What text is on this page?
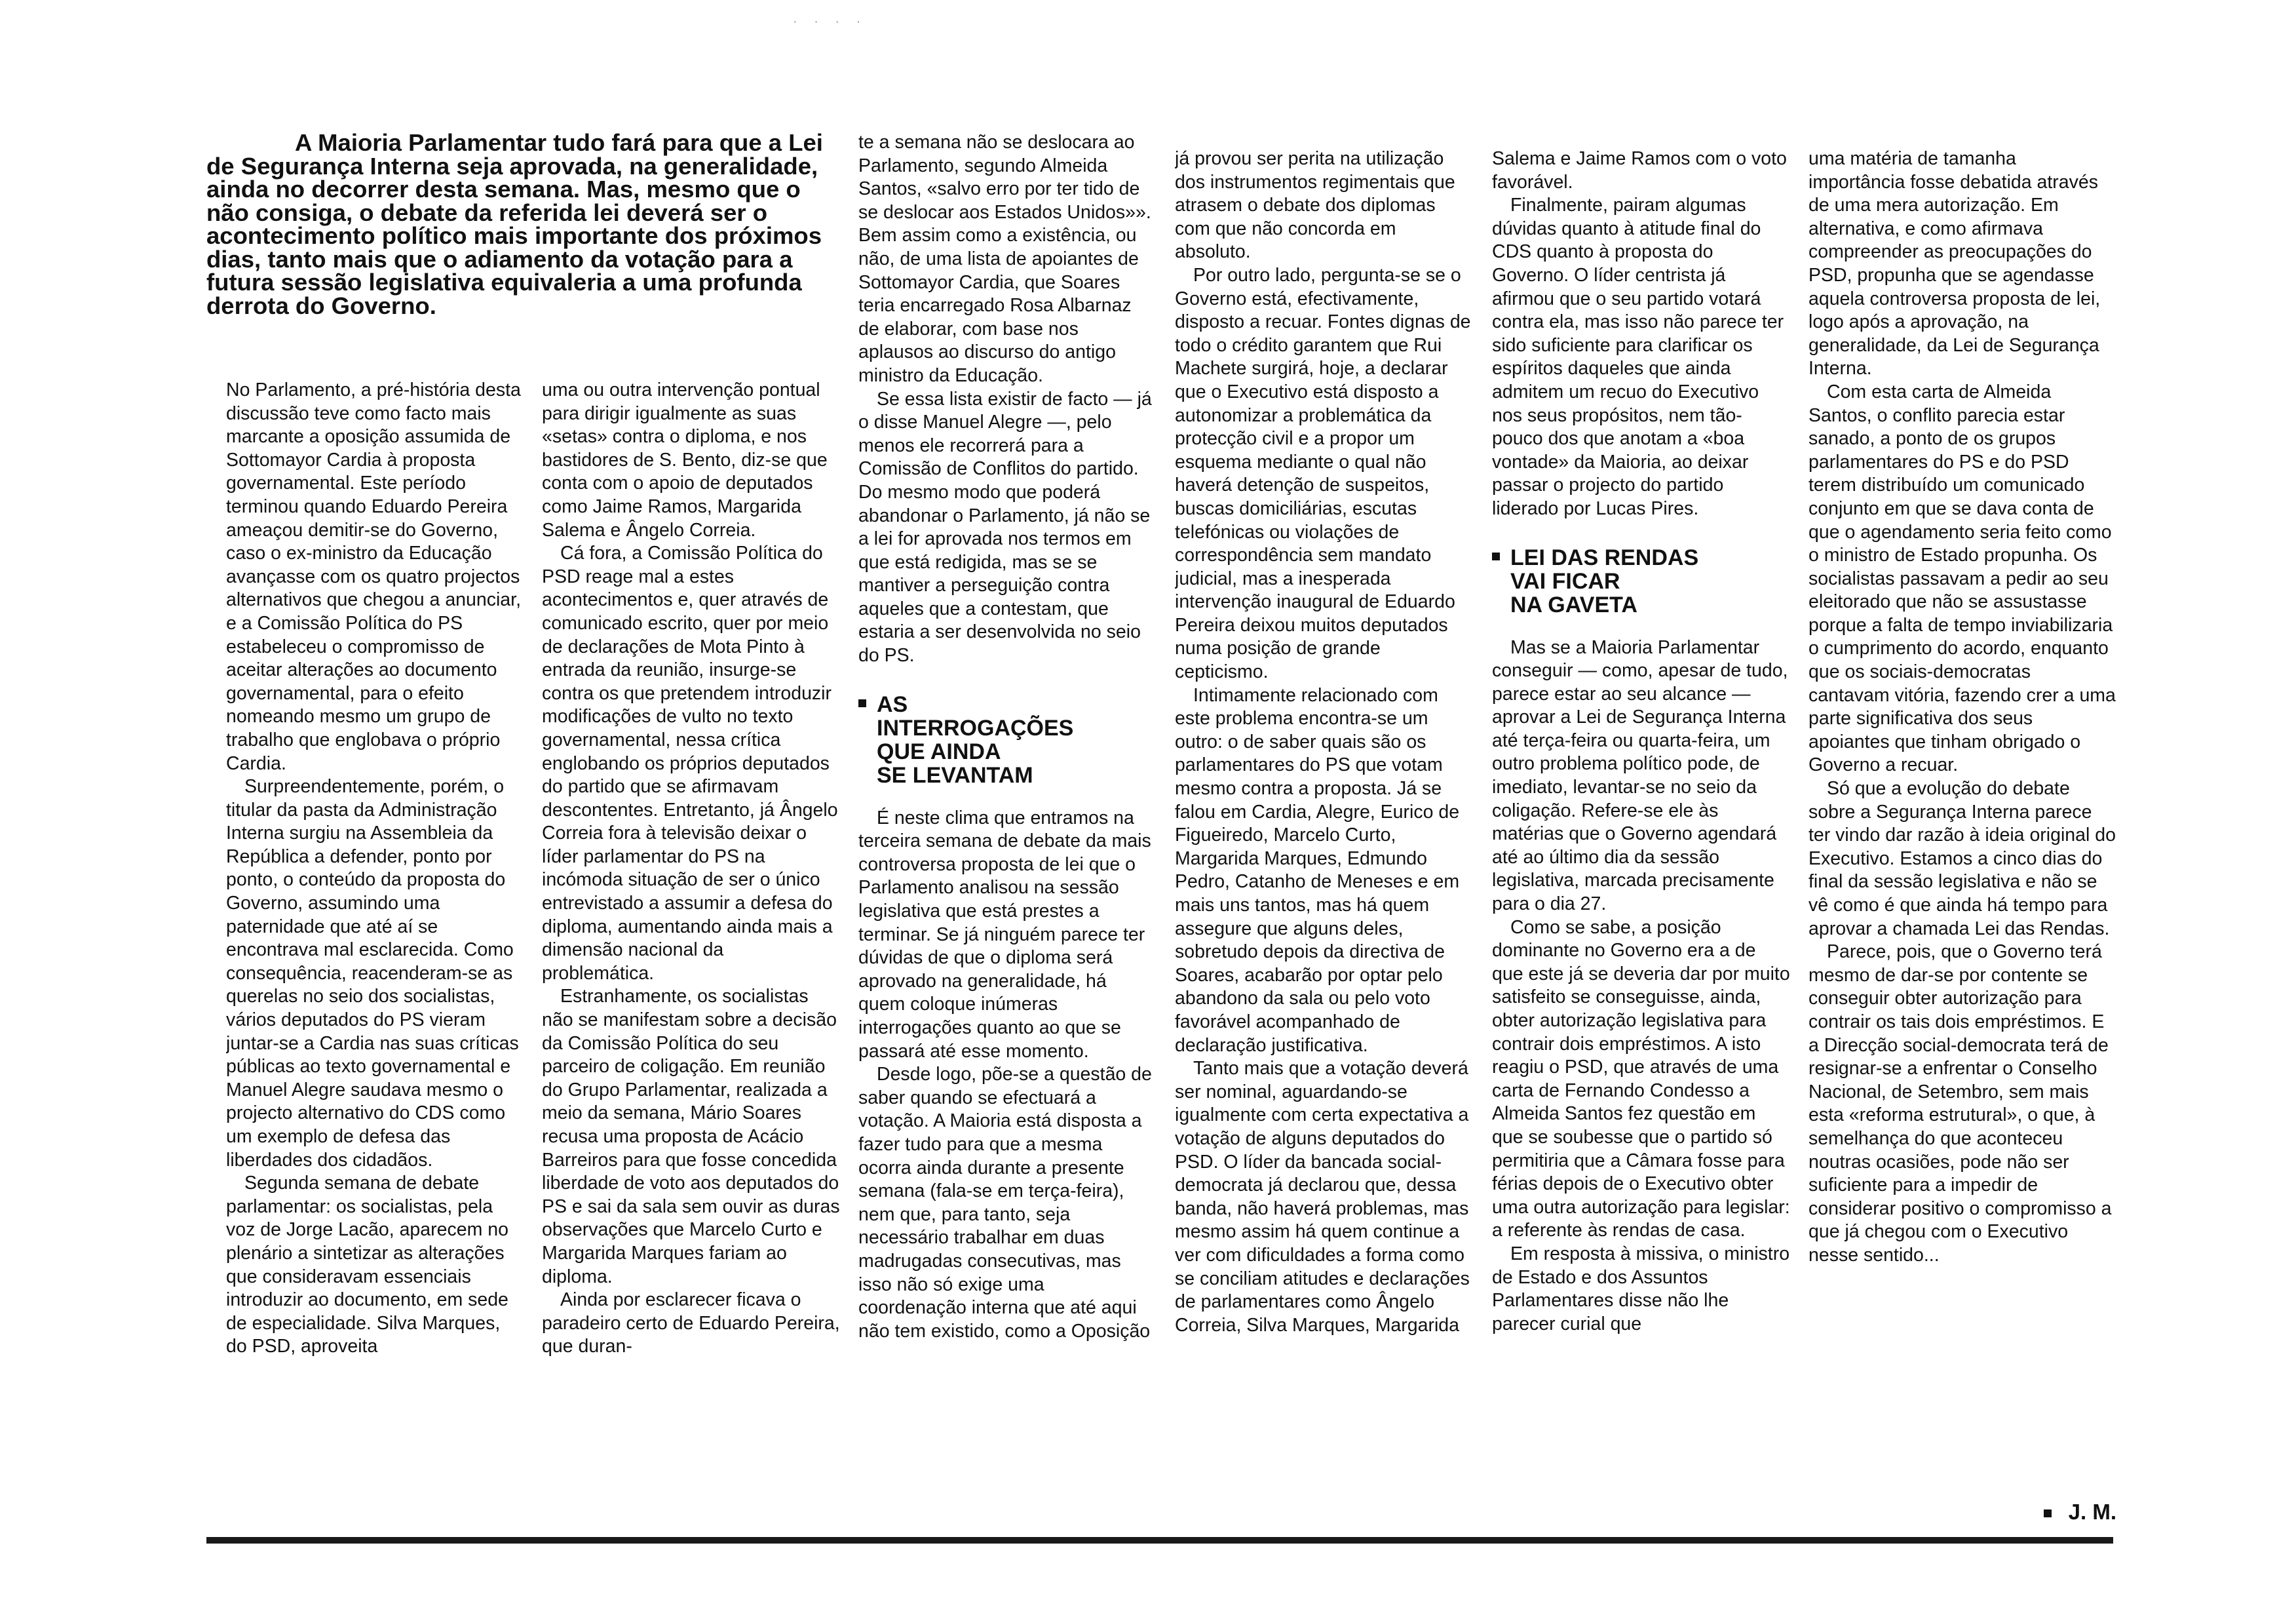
· · · ·

A Maioria Parlamentar tudo fará para que a Lei de Segurança Interna seja aprovada, na generalidade, ainda no decorrer desta semana. Mas, mesmo que o não consiga, o debate da referida lei deverá ser o acontecimento político mais importante dos próximos dias, tanto mais que o adiamento da votação para a futura sessão legislativa equivaleria a uma profunda derrota do Governo.

No Parlamento, a pré-história desta discussão teve como facto mais marcante a oposição assumida de Sottomayor Cardia à proposta governamental. Este período terminou quando Eduardo Pereira ameaçou demitir-se do Governo, caso o ex-ministro da Educação avançasse com os quatro projectos alternativos que chegou a anunciar, e a Comissão Política do PS estabeleceu o compromisso de aceitar alterações ao documento governamental, para o efeito nomeando mesmo um grupo de trabalho que englobava o próprio Cardia.

Surpreendentemente, porém, o titular da pasta da Administração Interna surgiu na Assembleia da República a defender, ponto por ponto, o conteúdo da proposta do Governo, assumindo uma paternidade que até aí se encontrava mal esclarecida. Como consequência, reacenderam-se as querelas no seio dos socialistas, vários deputados do PS vieram juntar-se a Cardia nas suas críticas públicas ao texto governamental e Manuel Alegre saudava mesmo o projecto alternativo do CDS como um exemplo de defesa das liberdades dos cidadãos.

Segunda semana de debate parlamentar: os socialistas, pela voz de Jorge Lacão, aparecem no plenário a sintetizar as alterações que consideravam essenciais introduzir ao documento, em sede de especialidade. Silva Marques, do PSD, aproveita

uma ou outra intervenção pontual para dirigir igualmente as suas «setas» contra o diploma, e nos bastidores de S. Bento, diz-se que conta com o apoio de deputados como Jaime Ramos, Margarida Salema e Ângelo Correia.

Cá fora, a Comissão Política do PSD reage mal a estes acontecimentos e, quer através de comunicado escrito, quer por meio de declarações de Mota Pinto à entrada da reunião, insurge-se contra os que pretendem introduzir modificações de vulto no texto governamental, nessa crítica englobando os próprios deputados do partido que se afirmavam descontentes. Entretanto, já Ângelo Correia fora à televisão deixar o líder parlamentar do PS na incómoda situação de ser o único entrevistado a assumir a defesa do diploma, aumentando ainda mais a dimensão nacional da problemática.

Estranhamente, os socialistas não se manifestam sobre a decisão da Comissão Política do seu parceiro de coligação. Em reunião do Grupo Parlamentar, realizada a meio da semana, Mário Soares recusa uma proposta de Acácio Barreiros para que fosse concedida liberdade de voto aos deputados do PS e sai da sala sem ouvir as duras observações que Marcelo Curto e Margarida Marques fariam ao diploma.

Ainda por esclarecer ficava o paradeiro certo de Eduardo Pereira, que duran-

te a semana não se deslocara ao Parlamento, segundo Almeida Santos, «salvo erro por ter tido de se deslocar aos Estados Unidos»». Bem assim como a existência, ou não, de uma lista de apoiantes de Sottomayor Cardia, que Soares teria encarregado Rosa Albarnaz de elaborar, com base nos aplausos ao discurso do antigo ministro da Educação.

Se essa lista existir de facto — já o disse Manuel Alegre —, pelo menos ele recorrerá para a Comissão de Conflitos do partido. Do mesmo modo que poderá abandonar o Parlamento, já não se a lei for aprovada nos termos em que está redigida, mas se se mantiver a perseguição contra aqueles que a contestam, que estaria a ser desenvolvida no seio do PS.

AS
INTERROGAÇÕES
QUE AINDA
SE LEVANTAM

É neste clima que entramos na terceira semana de debate da mais controversa proposta de lei que o Parlamento analisou na sessão legislativa que está prestes a terminar. Se já ninguém parece ter dúvidas de que o diploma será aprovado na generalidade, há quem coloque inúmeras interrogações quanto ao que se passará até esse momento.

Desde logo, põe-se a questão de saber quando se efectuará a votação. A Maioria está disposta a fazer tudo para que a mesma ocorra ainda durante a presente semana (fala-se em terça-feira), nem que, para tanto, seja necessário trabalhar em duas madrugadas consecutivas, mas isso não só exige uma coordenação interna que até aqui não tem existido, como a Oposição

já provou ser perita na utilização dos instrumentos regimentais que atrasem o debate dos diplomas com que não concorda em absoluto.

Por outro lado, pergunta-se se o Governo está, efectivamente, disposto a recuar. Fontes dignas de todo o crédito garantem que Rui Machete surgirá, hoje, a declarar que o Executivo está disposto a autonomizar a problemática da protecção civil e a propor um esquema mediante o qual não haverá detenção de suspeitos, buscas domiciliárias, escutas telefónicas ou violações de correspondência sem mandato judicial, mas a inesperada intervenção inaugural de Eduardo Pereira deixou muitos deputados numa posição de grande cepticismo.

Intimamente relacionado com este problema encontra-se um outro: o de saber quais são os parlamentares do PS que votam mesmo contra a proposta. Já se falou em Cardia, Alegre, Eurico de Figueiredo, Marcelo Curto, Margarida Marques, Edmundo Pedro, Catanho de Meneses e em mais uns tantos, mas há quem assegure que alguns deles, sobretudo depois da directiva de Soares, acabarão por optar pelo abandono da sala ou pelo voto favorável acompanhado de declaração justificativa.

Tanto mais que a votação deverá ser nominal, aguardando-se igualmente com certa expectativa a votação de alguns deputados do PSD. O líder da bancada social-democrata já declarou que, dessa banda, não haverá problemas, mas mesmo assim há quem continue a ver com dificuldades a forma como se conciliam atitudes e declarações de parlamentares como Ângelo Correia, Silva Marques, Margarida

Salema e Jaime Ramos com o voto favorável.

Finalmente, pairam algumas dúvidas quanto à atitude final do CDS quanto à proposta do Governo. O líder centrista já afirmou que o seu partido votará contra ela, mas isso não parece ter sido suficiente para clarificar os espíritos daqueles que ainda admitem um recuo do Executivo nos seus propósitos, nem tão-pouco dos que anotam a «boa vontade» da Maioria, ao deixar passar o projecto do partido liderado por Lucas Pires.

LEI DAS RENDAS
VAI FICAR
NA GAVETA

Mas se a Maioria Parlamentar conseguir — como, apesar de tudo, parece estar ao seu alcance — aprovar a Lei de Segurança Interna até terça-feira ou quarta-feira, um outro problema político pode, de imediato, levantar-se no seio da coligação. Refere-se ele às matérias que o Governo agendará até ao último dia da sessão legislativa, marcada precisamente para o dia 27.

Como se sabe, a posição dominante no Governo era a de que este já se deveria dar por muito satisfeito se conseguisse, ainda, obter autorização legislativa para contrair dois empréstimos. A isto reagiu o PSD, que através de uma carta de Fernando Condesso a Almeida Santos fez questão em que se soubesse que o partido só permitiria que a Câmara fosse para férias depois de o Executivo obter uma outra autorização para legislar: a referente às rendas de casa.

Em resposta à missiva, o ministro de Estado e dos Assuntos Parlamentares disse não lhe parecer curial que

uma matéria de tamanha importância fosse debatida através de uma mera autorização. Em alternativa, e como afirmava compreender as preocupações do PSD, propunha que se agendasse aquela controversa proposta de lei, logo após a aprovação, na generalidade, da Lei de Segurança Interna.

Com esta carta de Almeida Santos, o conflito parecia estar sanado, a ponto de os grupos parlamentares do PS e do PSD terem distribuído um comunicado conjunto em que se dava conta de que o agendamento seria feito como o ministro de Estado propunha. Os socialistas passavam a pedir ao seu eleitorado que não se assustasse porque a falta de tempo inviabilizaria o cumprimento do acordo, enquanto que os sociais-democratas cantavam vitória, fazendo crer a uma parte significativa dos seus apoiantes que tinham obrigado o Governo a recuar.

Só que a evolução do debate sobre a Segurança Interna parece ter vindo dar razão à ideia original do Executivo. Estamos a cinco dias do final da sessão legislativa e não se vê como é que ainda há tempo para aprovar a chamada Lei das Rendas.

Parece, pois, que o Governo terá mesmo de dar-se por contente se conseguir obter autorização para contrair os tais dois empréstimos. E a Direcção social-democrata terá de resignar-se a enfrentar o Conselho Nacional, de Setembro, sem mais esta «reforma estrutural», o que, à semelhança do que aconteceu noutras ocasiões, pode não ser suficiente para a impedir de considerar positivo o compromisso a que já chegou com o Executivo nesse sentido...

J. M.
